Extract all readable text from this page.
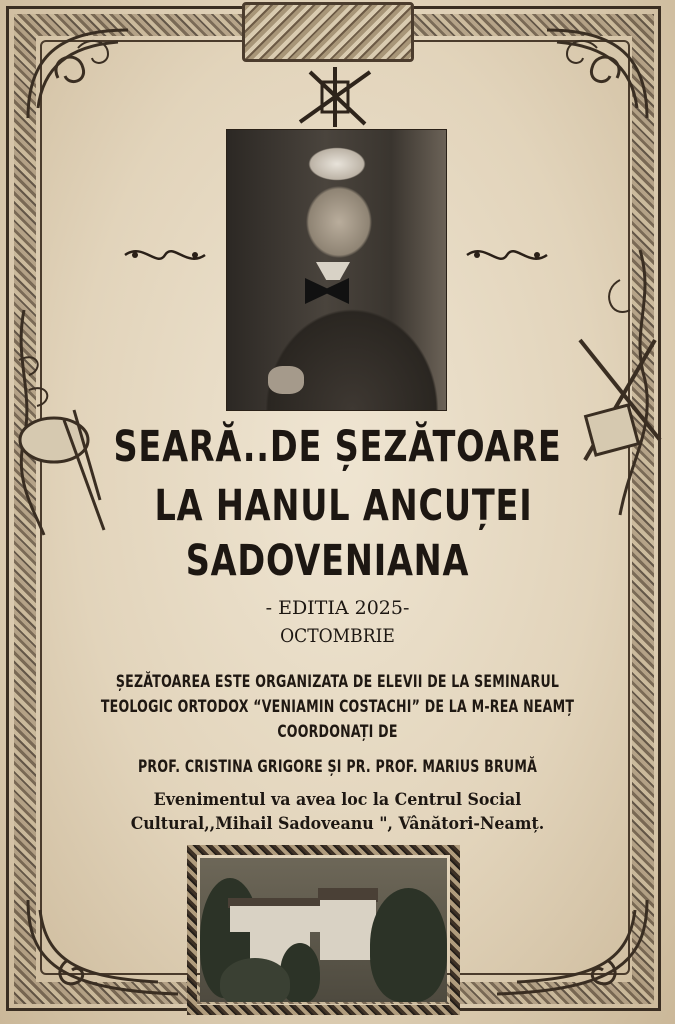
SEARĂ..DE ȘEZĂTOARE
LA HANUL ANCUȚEI
SADOVENIANA
- EDITIA 2025-
OCTOMBRIE
ȘEZĂTOAREA ESTE ORGANIZATA DE ELEVII DE LA SEMINARUL
TEOLOGIC ORTODOX “VENIAMIN COSTACHI” DE LA M-REA NEAMȚ
COORDONAȚI DE
PROF. CRISTINA GRIGORE ȘI PR. PROF. MARIUS BRUMĂ
Evenimentul va avea loc la Centrul Social
Cultural,,Mihail Sadoveanu ", Vânători-Neamț.
